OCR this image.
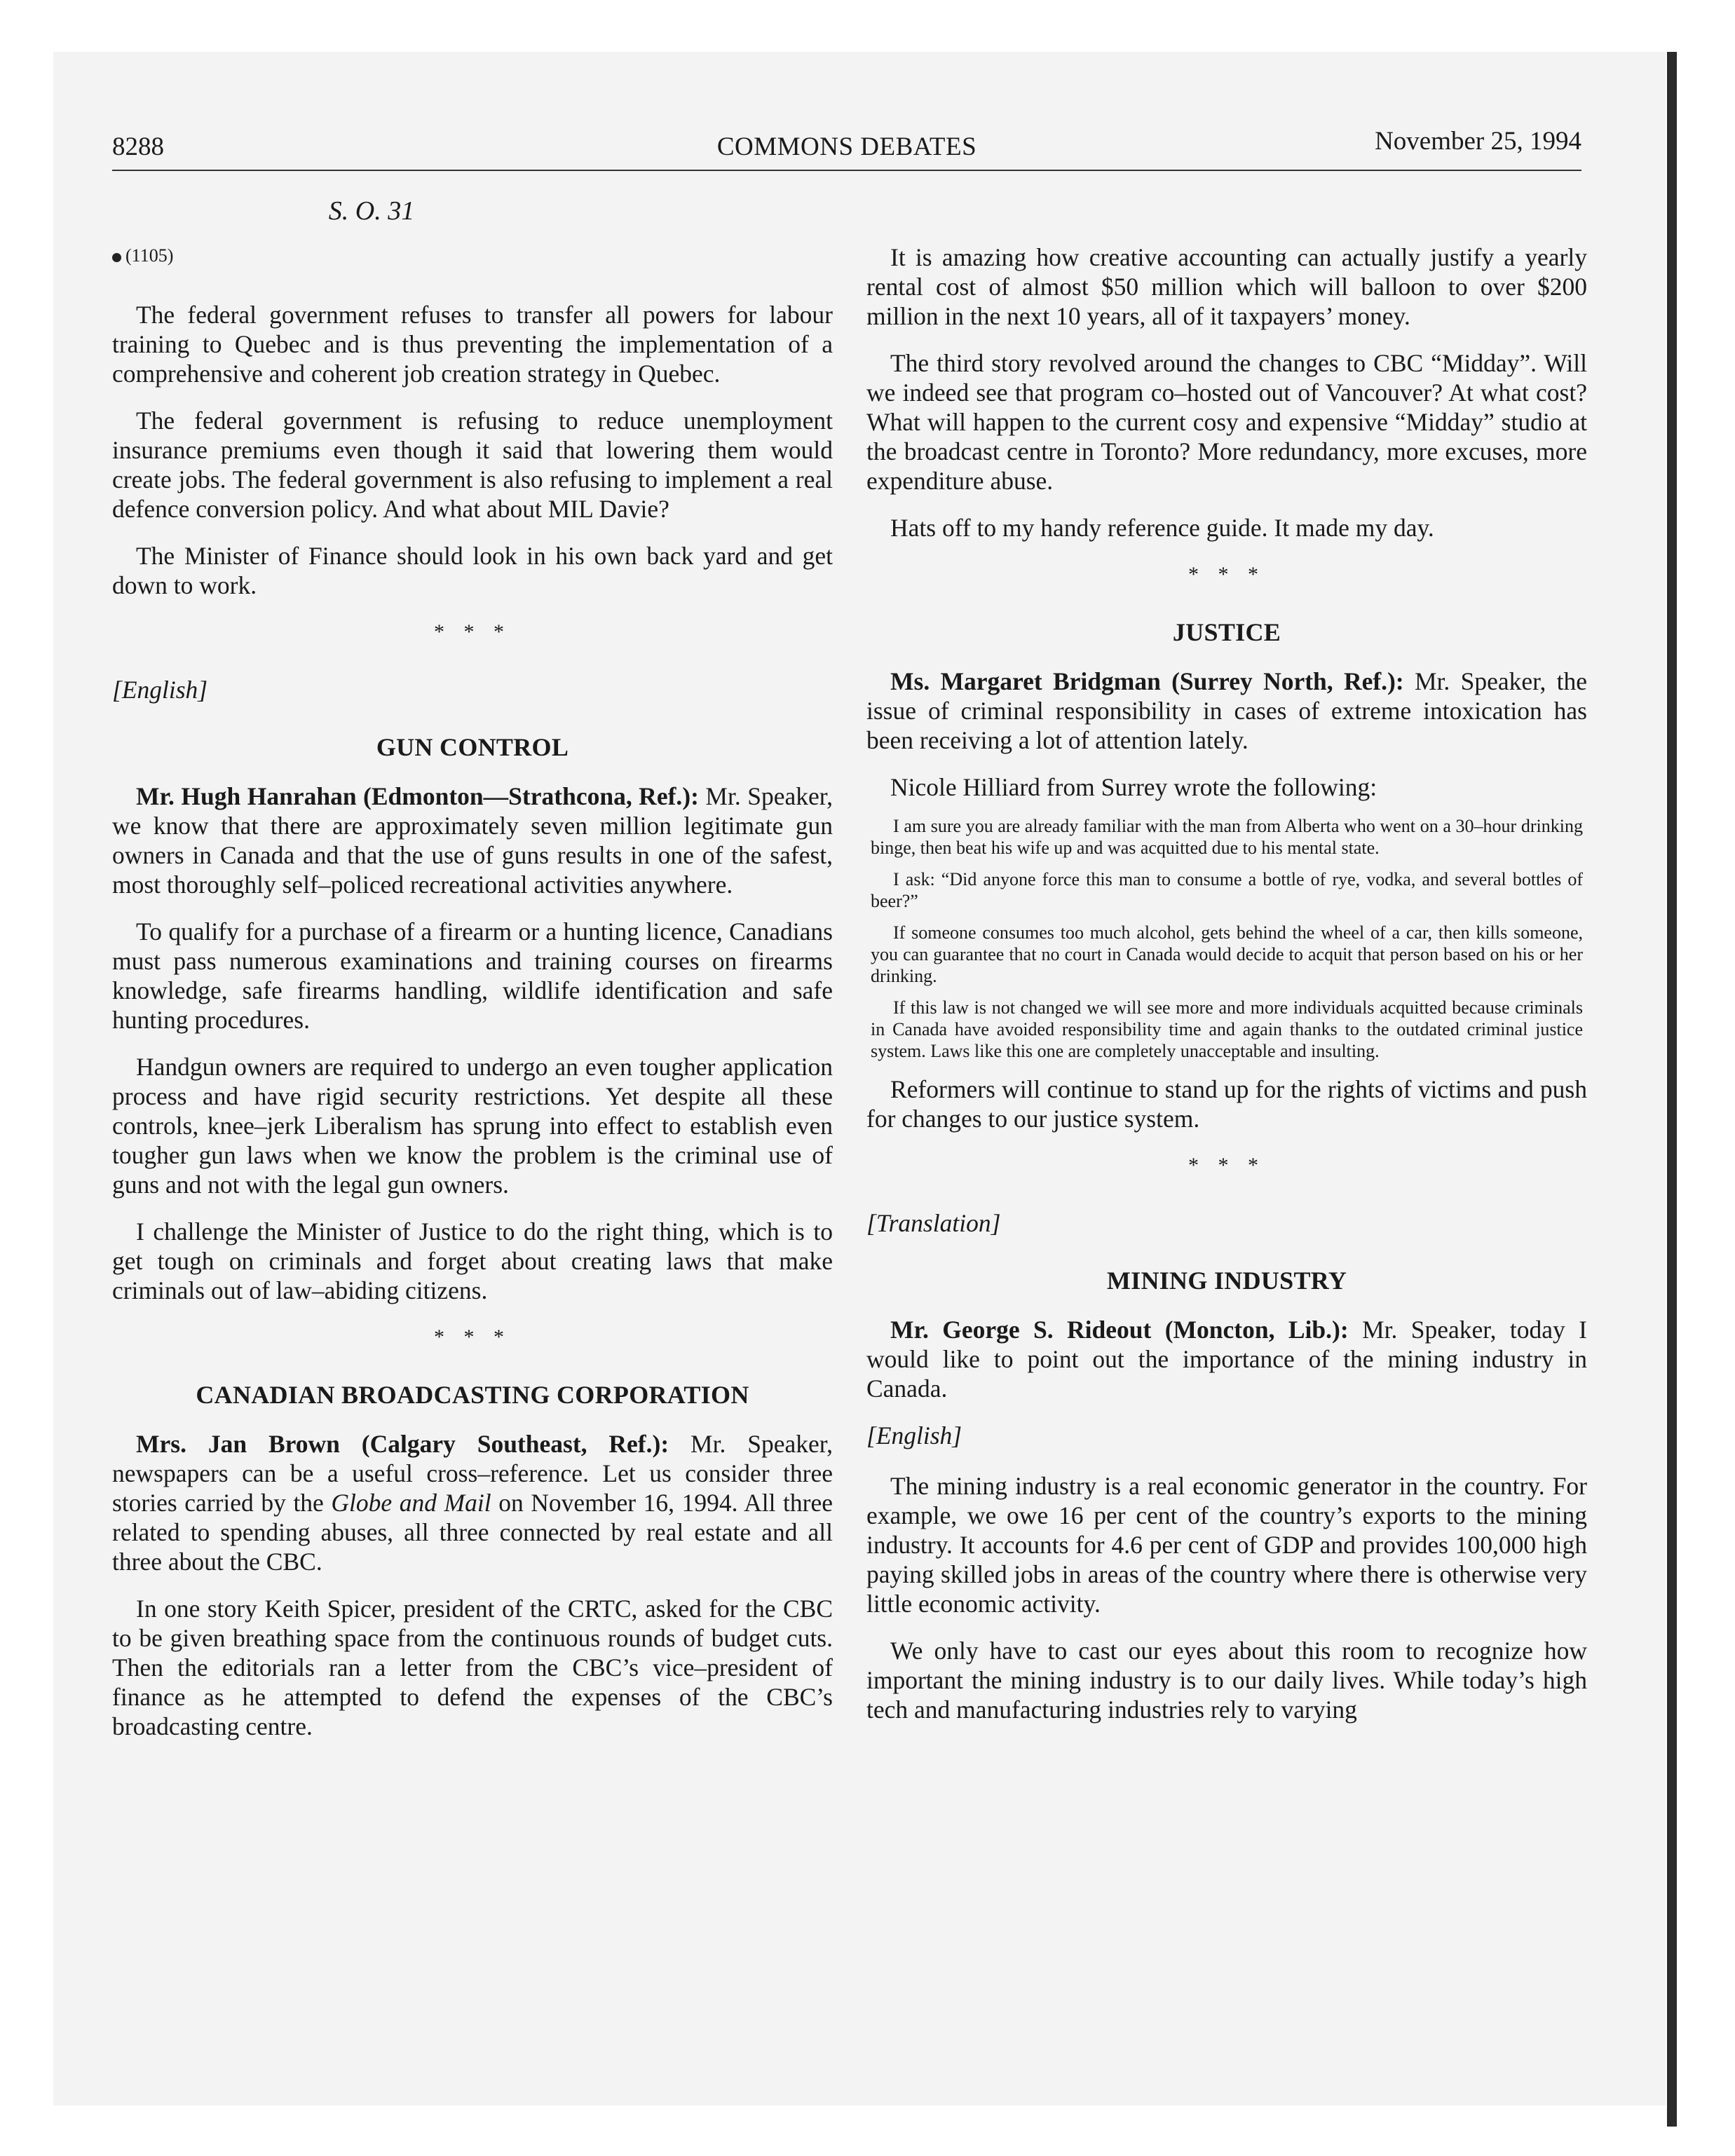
8288	COMMONS DEBATES	November 25, 1994
S. O. 31
(1105)

The federal government refuses to transfer all powers for labour training to Quebec and is thus preventing the implementation of a comprehensive and coherent job creation strategy in Quebec.

The federal government is refusing to reduce unemployment insurance premiums even though it said that lowering them would create jobs. The federal government is also refusing to implement a real defence conversion policy. And what about MIL Davie?

The Minister of Finance should look in his own back yard and get down to work.

* * *
[English]
GUN CONTROL

Mr. Hugh Hanrahan (Edmonton—Strathcona, Ref.): Mr. Speaker, we know that there are approximately seven million legitimate gun owners in Canada and that the use of guns results in one of the safest, most thoroughly self–policed recreational activities anywhere.

To qualify for a purchase of a firearm or a hunting licence, Canadians must pass numerous examinations and training courses on firearms knowledge, safe firearms handling, wildlife identification and safe hunting procedures.

Handgun owners are required to undergo an even tougher application process and have rigid security restrictions. Yet despite all these controls, knee–jerk Liberalism has sprung into effect to establish even tougher gun laws when we know the problem is the criminal use of guns and not with the legal gun owners.

I challenge the Minister of Justice to do the right thing, which is to get tough on criminals and forget about creating laws that make criminals out of law–abiding citizens.

* * *
CANADIAN BROADCASTING CORPORATION

Mrs. Jan Brown (Calgary Southeast, Ref.): Mr. Speaker, newspapers can be a useful cross–reference. Let us consider three stories carried by the Globe and Mail on November 16, 1994. All three related to spending abuses, all three connected by real estate and all three about the CBC.

In one story Keith Spicer, president of the CRTC, asked for the CBC to be given breathing space from the continuous rounds of budget cuts. Then the editorials ran a letter from the CBC’s vice–president of finance as he attempted to defend the expenses of the CBC’s broadcasting centre.

It is amazing how creative accounting can actually justify a yearly rental cost of almost $50 million which will balloon to over $200 million in the next 10 years, all of it taxpayers’ money.

The third story revolved around the changes to CBC “Midday”. Will we indeed see that program co–hosted out of Vancouver? At what cost? What will happen to the current cosy and expensive “Midday” studio at the broadcast centre in Toronto? More redundancy, more excuses, more expenditure abuse.

Hats off to my handy reference guide. It made my day.

* * *
JUSTICE

Ms. Margaret Bridgman (Surrey North, Ref.): Mr. Speaker, the issue of criminal responsibility in cases of extreme intoxication has been receiving a lot of attention lately.

Nicole Hilliard from Surrey wrote the following:

I am sure you are already familiar with the man from Alberta who went on a 30–hour drinking binge, then beat his wife up and was acquitted due to his mental state.

I ask: “Did anyone force this man to consume a bottle of rye, vodka, and several bottles of beer?”

If someone consumes too much alcohol, gets behind the wheel of a car, then kills someone, you can guarantee that no court in Canada would decide to acquit that person based on his or her drinking.

If this law is not changed we will see more and more individuals acquitted because criminals in Canada have avoided responsibility time and again thanks to the outdated criminal justice system. Laws like this one are completely unacceptable and insulting.

Reformers will continue to stand up for the rights of victims and push for changes to our justice system.

* * *
[Translation]
MINING INDUSTRY

Mr. George S. Rideout (Moncton, Lib.): Mr. Speaker, today I would like to point out the importance of the mining industry in Canada.

[English]

The mining industry is a real economic generator in the country. For example, we owe 16 per cent of the country’s exports to the mining industry. It accounts for 4.6 per cent of GDP and provides 100,000 high paying skilled jobs in areas of the country where there is otherwise very little economic activity.

We only have to cast our eyes about this room to recognize how important the mining industry is to our daily lives. While today’s high tech and manufacturing industries rely to varying
